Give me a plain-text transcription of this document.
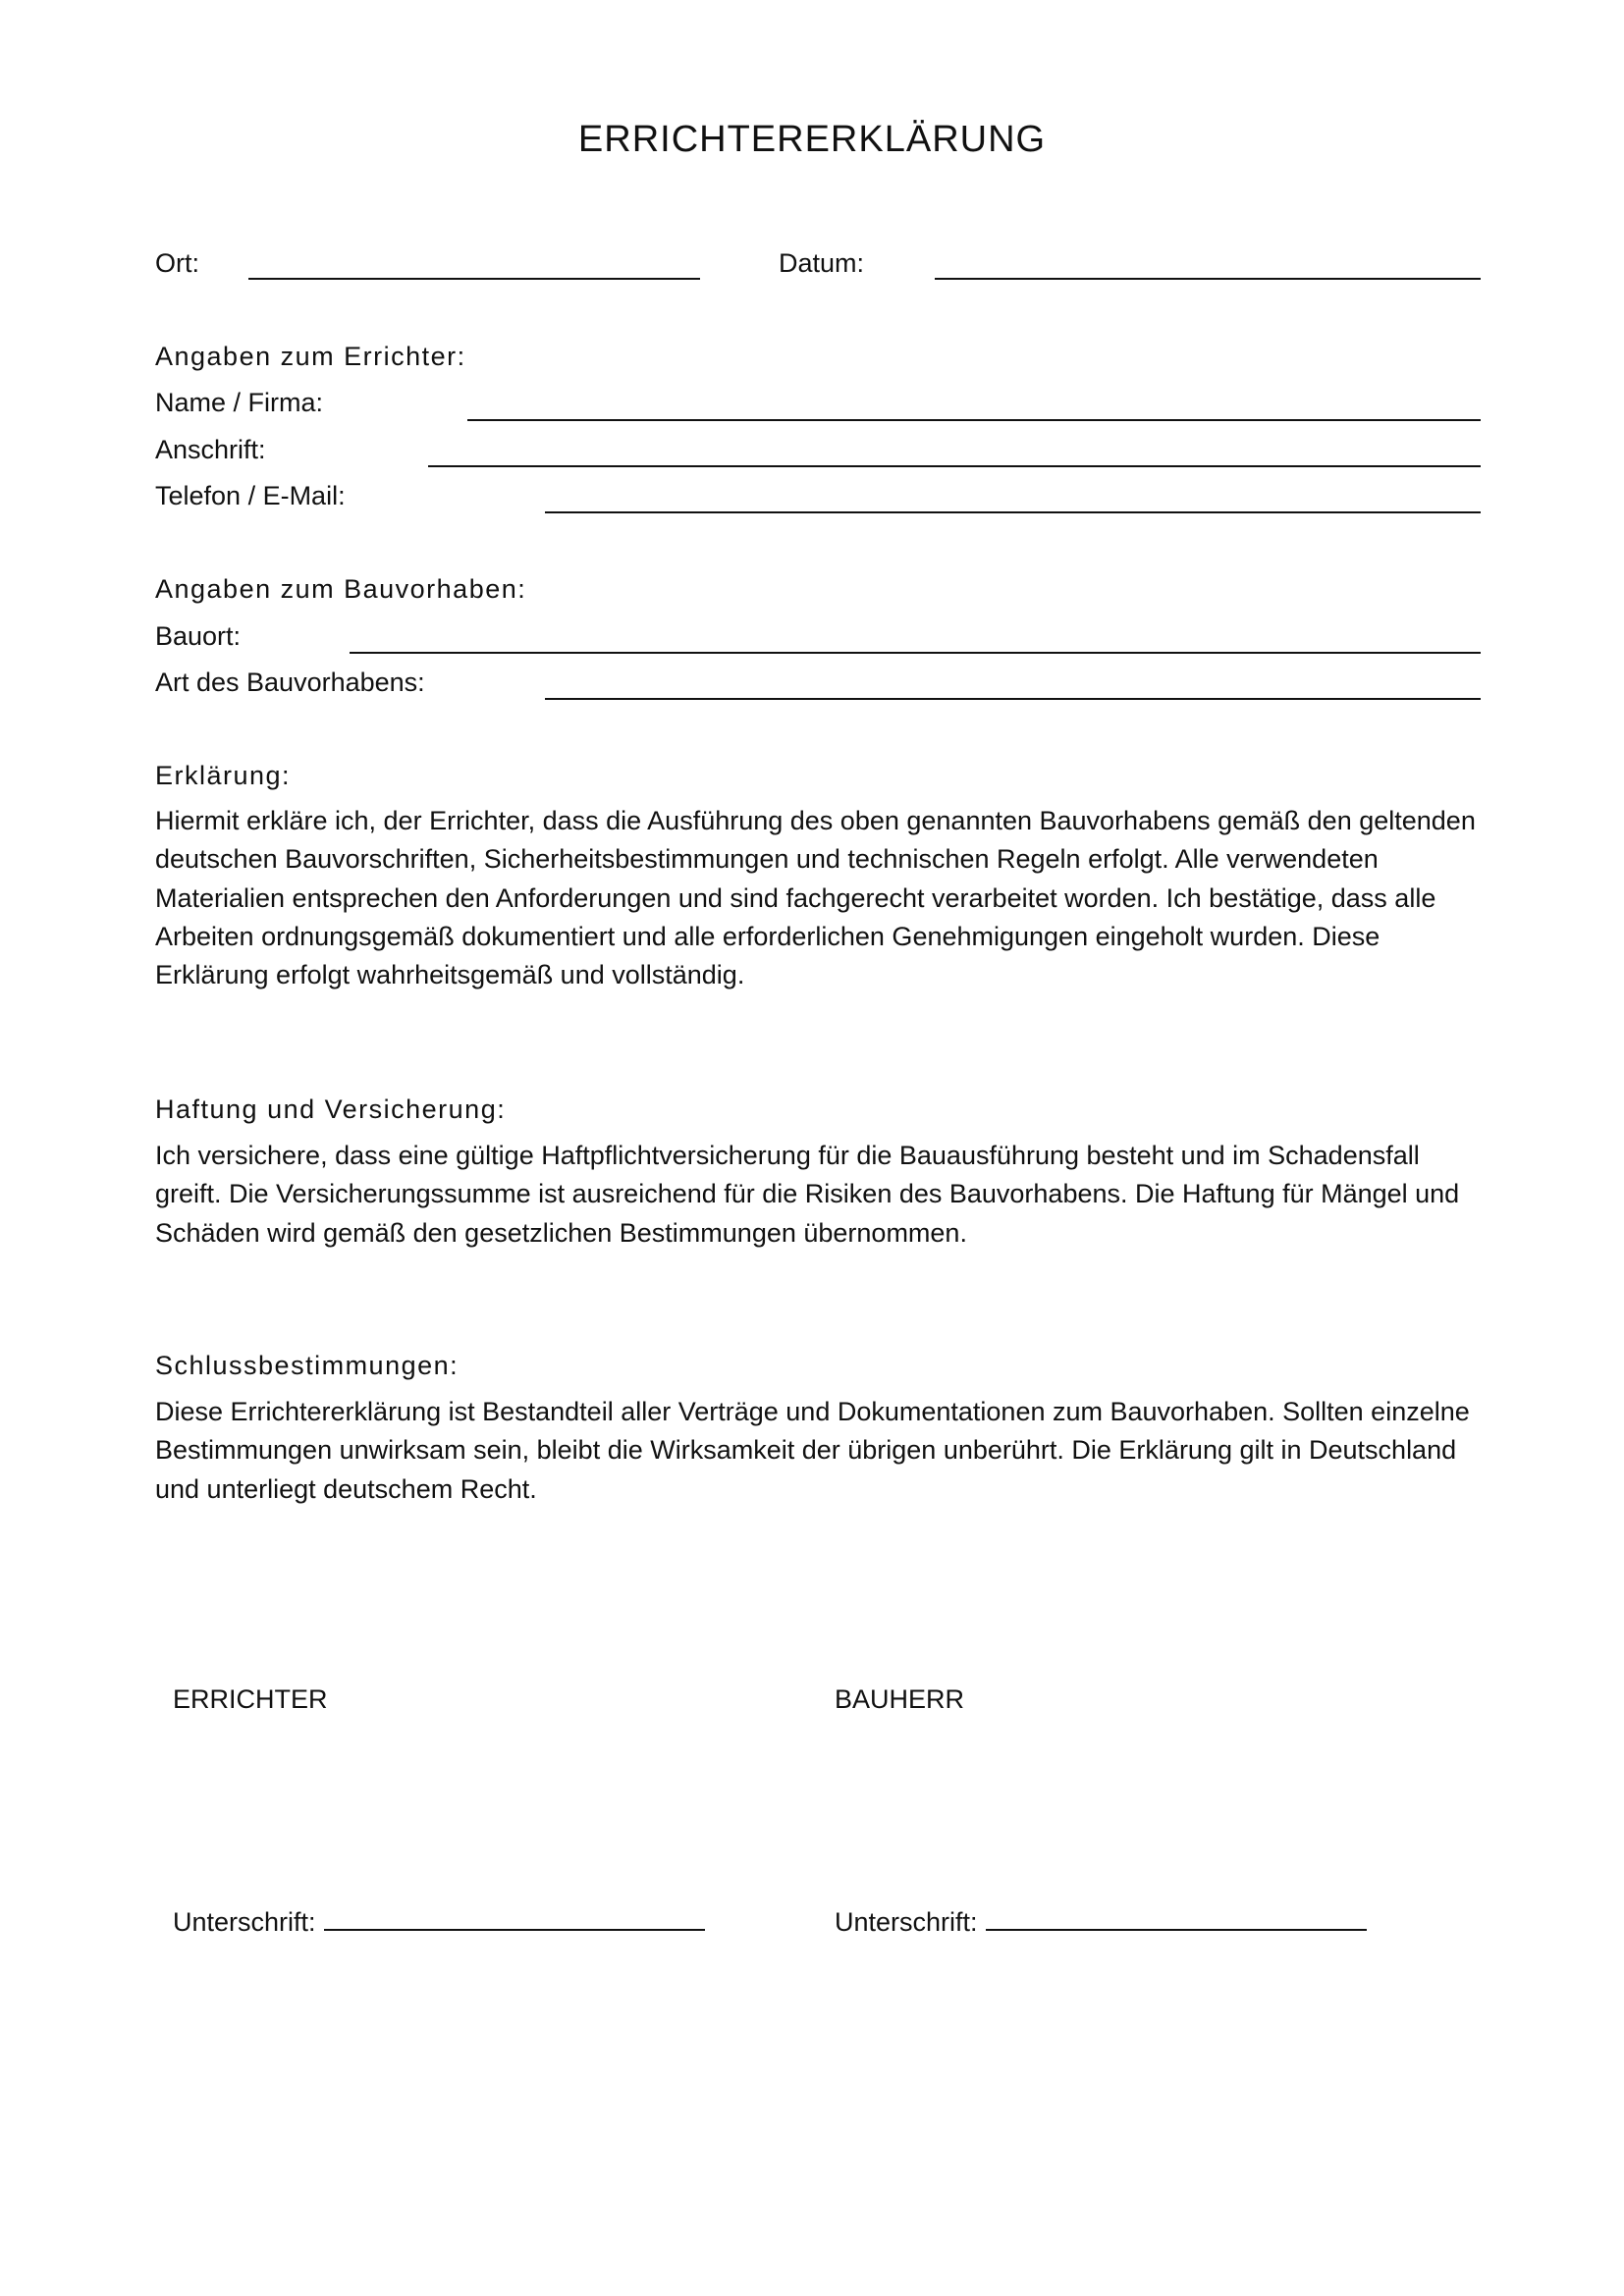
ERRICHTERERKLÄRUNG
Ort:	Datum:
Angaben zum Errichter:
Name / Firma:
Anschrift:
Telefon / E-Mail:
Angaben zum Bauvorhaben:
Bauort:
Art des Bauvorhabens:
Erklärung:
Hiermit erkläre ich, der Errichter, dass die Ausführung des oben genannten Bauvorhabens gemäß den geltenden deutschen Bauvorschriften, Sicherheitsbestimmungen und technischen Regeln erfolgt. Alle verwendeten Materialien entsprechen den Anforderungen und sind fachgerecht verarbeitet worden. Ich bestätige, dass alle Arbeiten ordnungsgemäß dokumentiert und alle erforderlichen Genehmigungen eingeholt wurden. Diese Erklärung erfolgt wahrheitsgemäß und vollständig.
Haftung und Versicherung:
Ich versichere, dass eine gültige Haftpflichtversicherung für die Bauausführung besteht und im Schadensfall greift. Die Versicherungssumme ist ausreichend für die Risiken des Bauvorhabens. Die Haftung für Mängel und Schäden wird gemäß den gesetzlichen Bestimmungen übernommen.
Schlussbestimmungen:
Diese Errichtererklärung ist Bestandteil aller Verträge und Dokumentationen zum Bauvorhaben. Sollten einzelne Bestimmungen unwirksam sein, bleibt die Wirksamkeit der übrigen unberührt. Die Erklärung gilt in Deutschland und unterliegt deutschem Recht.
ERRICHTER	BAUHERR
Unterschrift:	Unterschrift:
